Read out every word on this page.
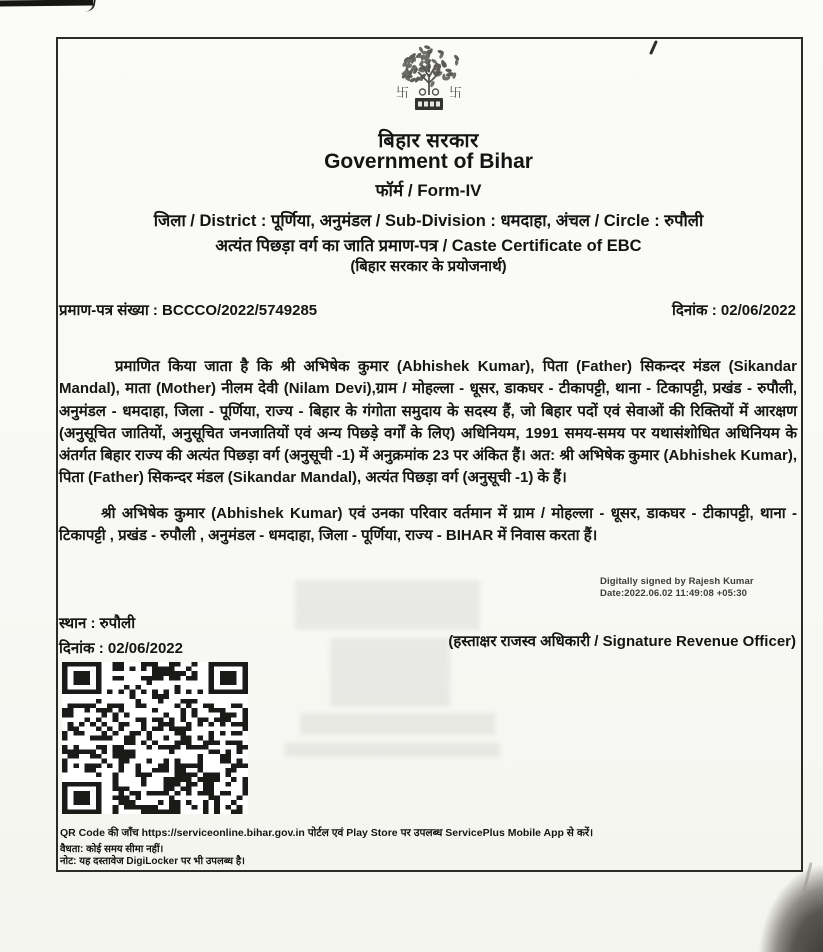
卐	卐
बिहार सरकार
Government of Bihar
फॉर्म / Form-IV
जिला / District : पूर्णिया, अनुमंडल / Sub-Division : धमदाहा, अंचल / Circle : रुपौली
अत्यंत पिछड़ा वर्ग का जाति प्रमाण-पत्र / Caste Certificate of EBC
(बिहार सरकार के प्रयोजनार्थ)
प्रमाण-पत्र संख्या : BCCCO/2022/5749285	दिनांक : 02/06/2022
प्रमाणित किया जाता है कि श्री अभिषेक कुमार (Abhishek Kumar), पिता (Father) सिकन्दर मंडल (Sikandar Mandal), माता (Mother) नीलम देवी (Nilam Devi),ग्राम / मोहल्ला - धूसर, डाकघर - टीकापट्टी, थाना - टिकापट्टी, प्रखंड - रुपौली, अनुमंडल - धमदाहा, जिला - पूर्णिया, राज्य - बिहार के गंगोता समुदाय के सदस्य हैं, जो बिहार पदों एवं सेवाओं की रिक्तियों में आरक्षण (अनुसूचित जातियों, अनुसूचित जनजातियों एवं अन्य पिछड़े वर्गों के लिए) अधिनियम, 1991 समय-समय पर यथासंशोधित अधिनियम के अंतर्गत बिहार राज्य की अत्यंत पिछड़ा वर्ग (अनुसूची -1) में अनुक्रमांक 23 पर अंकित हैं। अत: श्री अभिषेक कुमार (Abhishek Kumar), पिता (Father) सिकन्दर मंडल (Sikandar Mandal), अत्यंत पिछड़ा वर्ग (अनुसूची -1) के हैं।
श्री अभिषेक कुमार (Abhishek Kumar) एवं उनका परिवार वर्तमान में ग्राम / मोहल्ला - धूसर, डाकघर - टीकापट्टी, थाना - टिकापट्टी , प्रखंड - रुपौली , अनुमंडल - धमदाहा, जिला - पूर्णिया, राज्य - BIHAR में निवास करता हैं।
Digitally signed by Rajesh Kumar
Date:2022.06.02 11:49:08 +05:30
स्थान : रुपौली
दिनांक : 02/06/2022	(हस्ताक्षर राजस्व अधिकारी / Signature Revenue Officer)
QR Code की जाँच https://serviceonline.bihar.gov.in पोर्टल एवं Play Store पर उपलब्ध ServicePlus Mobile App से करें।
वैधता: कोई समय सीमा नहीं।
नोट: यह दस्तावेज DigiLocker पर भी उपलब्ध है।
